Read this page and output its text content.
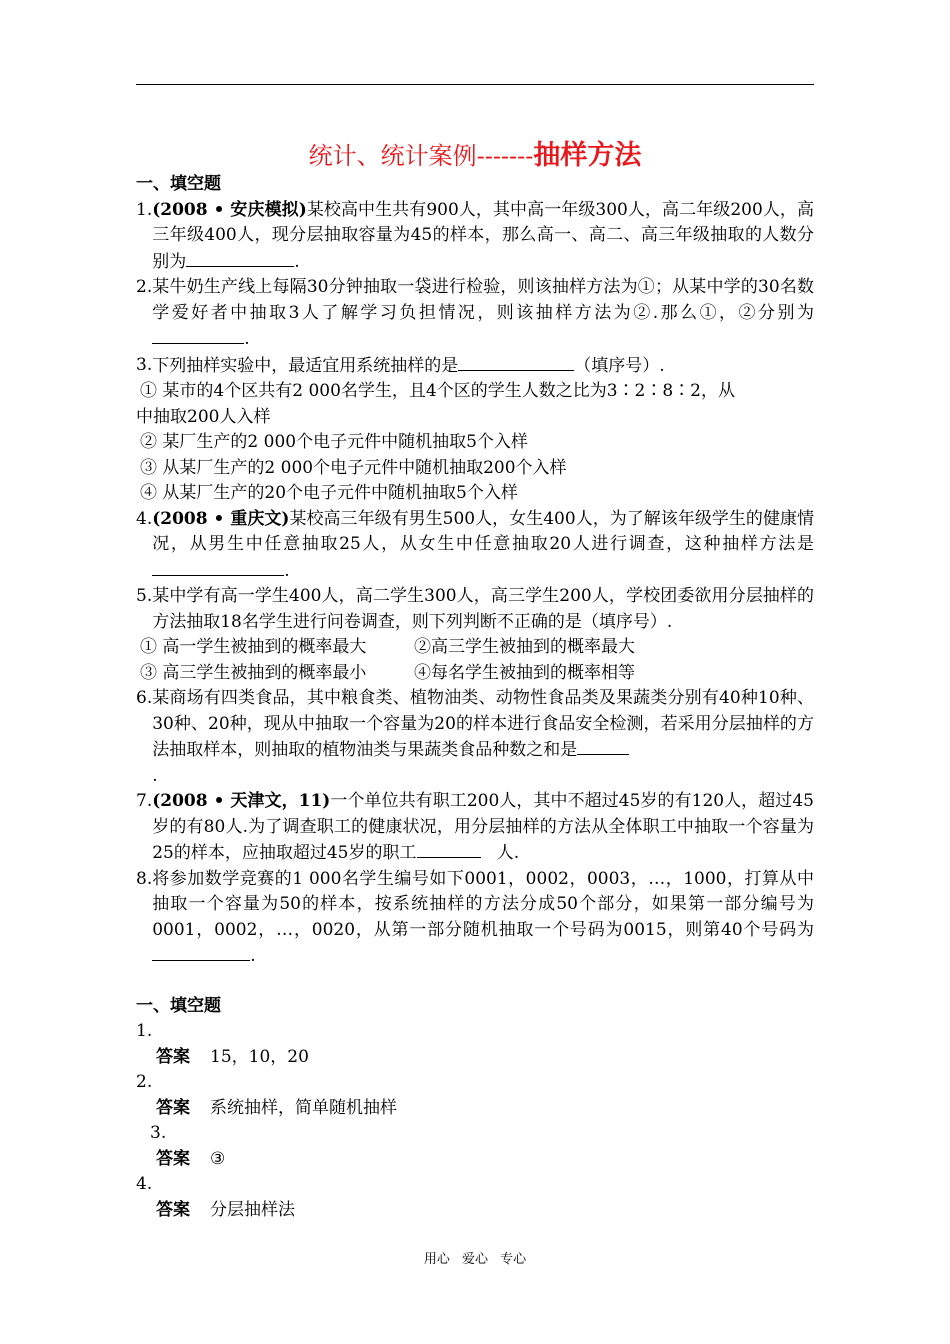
统计、统计案例-------抽样方法
一、填空题
1. (2008 • 安庆模拟)某校高中生共有900人，其中高一年级300人，高二年级200人，高三年级400人，现分层抽取容量为45的样本，那么高一、高二、高三年级抽取的人数分别为	.
2. 某牛奶生产线上每隔30分钟抽取一袋进行检验，则该抽样方法为①；从某中学的30名数学爱好者中抽取3人了解学习负担情况，则该抽样方法为②.那么①，②分别为.
3. 下列抽样实验中，最适宜用系统抽样的是	（填序号）.
① 某市的4个区共有2 000名学生，且4个区的学生人数之比为3∶2∶8∶2，从
中抽取200人入样
② 某厂生产的2 000个电子元件中随机抽取5个入样
③ 从某厂生产的2 000个电子元件中随机抽取200个入样
④ 从某厂生产的20个电子元件中随机抽取5个入样
4. (2008 • 重庆文)某校高三年级有男生500人，女生400人，为了解该年级学生的健康情况，从男生中任意抽取25人，从女生中任意抽取20人进行调查，这种抽样方法是.
5. 某中学有高一学生400人，高二学生300人，高三学生200人，学校团委欲用分层抽样的方法抽取18名学生进行问卷调查，则下列判断不正确的是（填序号）.
① 高一学生被抽到的概率最大	②高三学生被抽到的概率最大
③ 高三学生被抽到的概率最小	④每名学生被抽到的概率相等
6. 某商场有四类食品，其中粮食类、植物油类、动物性食品类及果蔬类分别有40种10种、30种、20种，现从中抽取一个容量为20的样本进行食品安全检测，若采用分层抽样的方法抽取样本，则抽取的植物油类与果蔬类食品种数之和是
.
7. (2008 • 天津文，11)一个单位共有职工200人，其中不超过45岁的有120人，超过45岁的有80人.为了调查职工的健康状况，用分层抽样的方法从全体职工中抽取一个容量为25的样本，应抽取超过45岁的职工	人.
8. 将参加数学竞赛的1 000名学生编号如下0001，0002，0003，…，1000，打算从中抽取一个容量为50的样本，按系统抽样的方法分成50个部分，如果第一部分编号为0001，0002，…，0020，从第一部分随机抽取一个号码为0015，则第40个号码为.
一、填空题
1.
答案 15，10，20
2.
答案 系统抽样，简单随机抽样
3.
答案 ③
4.
答案 分层抽样法
用心 爱心 专心
